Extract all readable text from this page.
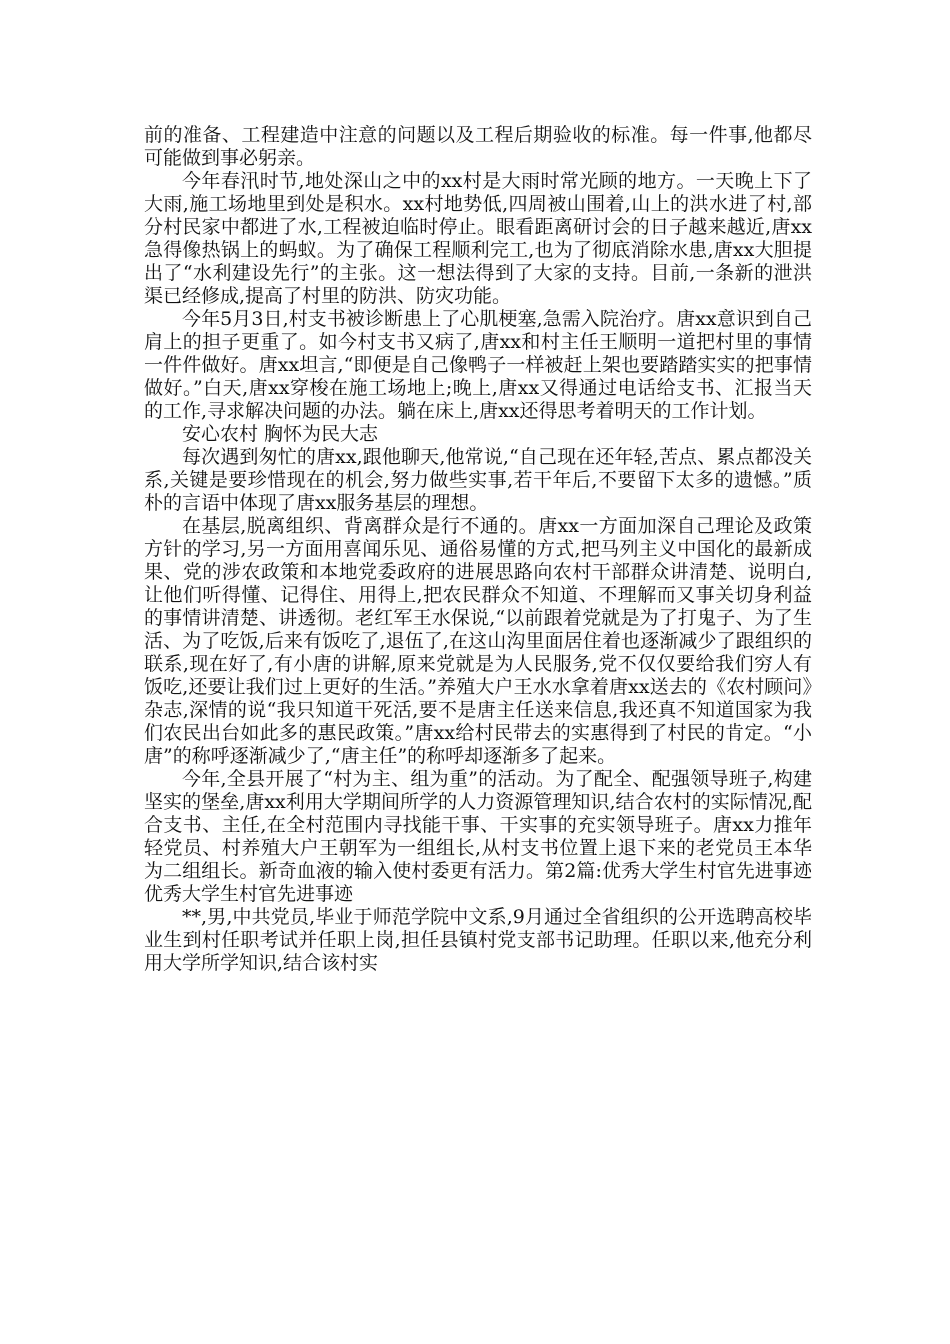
前的准备、工程建造中注意的问题以及工程后期验收的标准。每一件事,他都尽可能做到事必躬亲。

今年春汛时节,地处深山之中的xx村是大雨时常光顾的地方。一天晚上下了大雨,施工场地里到处是积水。xx村地势低,四周被山围着,山上的洪水进了村,部分村民家中都进了水,工程被迫临时停止。眼看距离研讨会的日子越来越近,唐xx急得像热锅上的蚂蚁。为了确保工程顺利完工,也为了彻底消除水患,唐xx大胆提出了“水利建设先行”的主张。这一想法得到了大家的支持。目前,一条新的泄洪渠已经修成,提高了村里的防洪、防灾功能。

今年5月3日,村支书被诊断患上了心肌梗塞,急需入院治疗。唐xx意识到自己肩上的担子更重了。如今村支书又病了,唐xx和村主任王顺明一道把村里的事情一件件做好。唐xx坦言,“即便是自己像鸭子一样被赶上架也要踏踏实实的把事情做好。”白天,唐xx穿梭在施工场地上;晚上,唐xx又得通过电话给支书、汇报当天的工作,寻求解决问题的办法。躺在床上,唐xx还得思考着明天的工作计划。

安心农村 胸怀为民大志

每次遇到匆忙的唐xx,跟他聊天,他常说,“自己现在还年轻,苦点、累点都没关系,关键是要珍惜现在的机会,努力做些实事,若干年后,不要留下太多的遗憾。”质朴的言语中体现了唐xx服务基层的理想。

在基层,脱离组织、背离群众是行不通的。唐xx一方面加深自己理论及政策方针的学习,另一方面用喜闻乐见、通俗易懂的方式,把马列主义中国化的最新成果、党的涉农政策和本地党委政府的进展思路向农村干部群众讲清楚、说明白,让他们听得懂、记得住、用得上,把农民群众不知道、不理解而又事关切身利益的事情讲清楚、讲透彻。老红军王水保说,“以前跟着党就是为了打鬼子、为了生活、为了吃饭,后来有饭吃了,退伍了,在这山沟里面居住着也逐渐减少了跟组织的联系,现在好了,有小唐的讲解,原来党就是为人民服务,党不仅仅要给我们穷人有饭吃,还要让我们过上更好的生活。”养殖大户王水水拿着唐xx送去的《农村顾问》杂志,深情的说“我只知道干死活,要不是唐主任送来信息,我还真不知道国家为我们农民出台如此多的惠民政策。”唐xx给村民带去的实惠得到了村民的肯定。“小唐”的称呼逐渐减少了,“唐主任”的称呼却逐渐多了起来。

今年,全县开展了“村为主、组为重”的活动。为了配全、配强领导班子,构建坚实的堡垒,唐xx利用大学期间所学的人力资源管理知识,结合农村的实际情况,配合支书、主任,在全村范围内寻找能干事、干实事的充实领导班子。唐xx力推年轻党员、村养殖大户王朝军为一组组长,从村支书位置上退下来的老党员王本华为二组组长。新奇血液的输入使村委更有活力。第2篇:优秀大学生村官先进事迹优秀大学生村官先进事迹

**,男,中共党员,毕业于师范学院中文系,9月通过全省组织的公开选聘高校毕业生到村任职考试并任职上岗,担任县镇村党支部书记助理。任职以来,他充分利用大学所学知识,结合该村实
